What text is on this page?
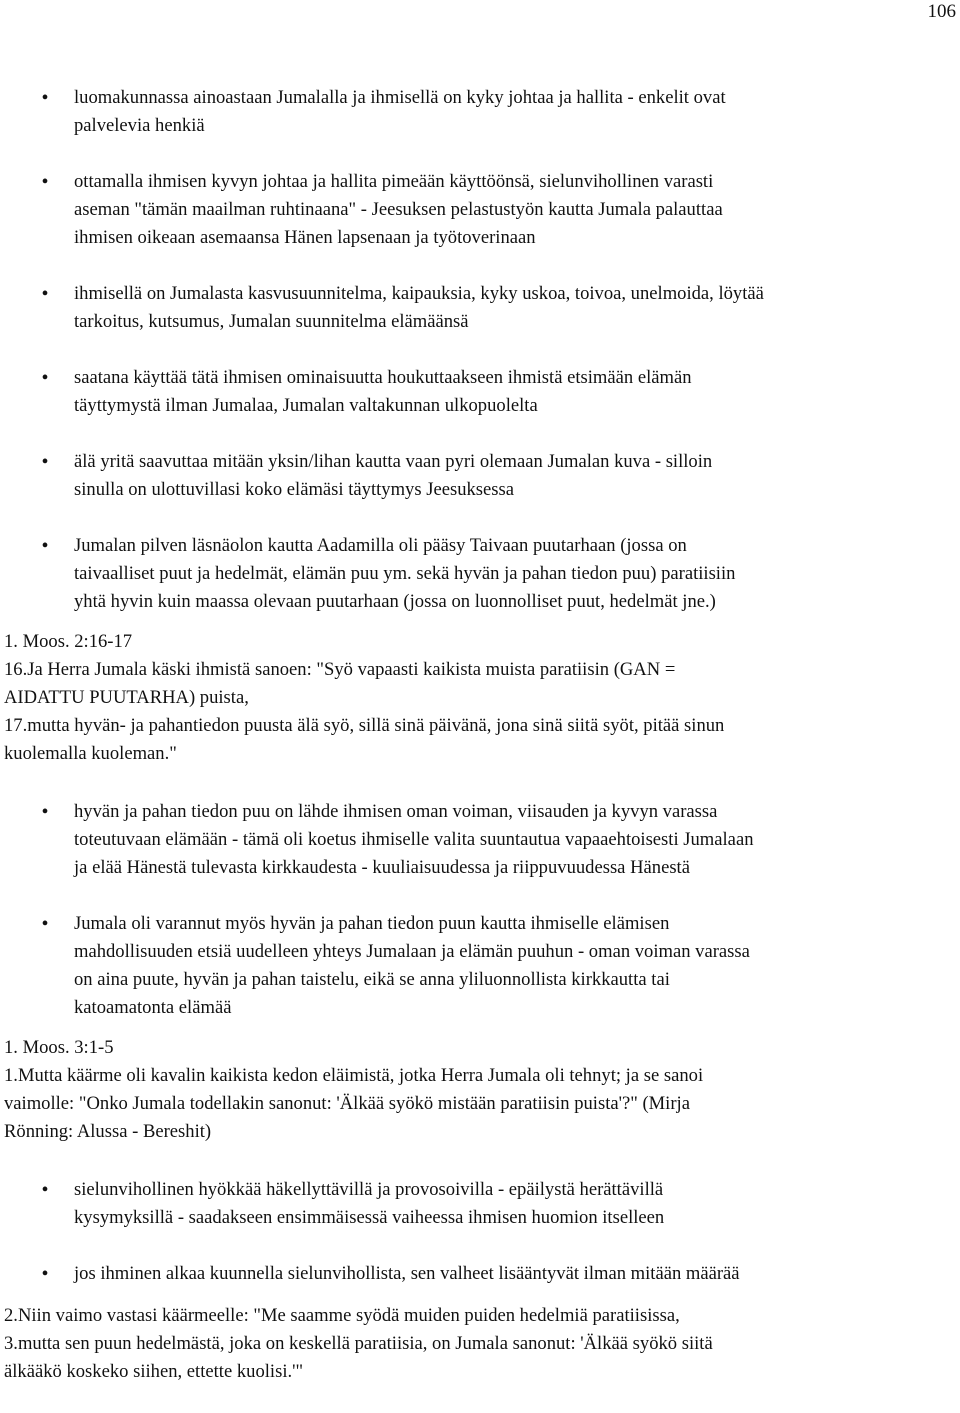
106
• luomakunnassa ainoastaan Jumalalla ja ihmisellä on kyky johtaa ja hallita - enkelit ovat
palvelevia henkiä
• ottamalla ihmisen kyvyn johtaa ja hallita pimeään käyttöönsä, sielunvihollinen varasti
aseman "tämän maailman ruhtinaana" - Jeesuksen pelastustyön kautta Jumala palauttaa
ihmisen oikeaan asemaansa Hänen lapsenaan ja työtoverinaan
• ihmisellä on Jumalasta kasvusuunnitelma, kaipauksia, kyky uskoa, toivoa, unelmoida, löytää
tarkoitus, kutsumus, Jumalan suunnitelma elämäänsä
• saatana käyttää tätä ihmisen ominaisuutta houkuttaakseen ihmistä etsimään elämän
täyttymystä ilman Jumalaa, Jumalan valtakunnan ulkopuolelta
• älä yritä saavuttaa mitään yksin/lihan kautta vaan pyri olemaan Jumalan kuva - silloin
sinulla on ulottuvillasi koko elämäsi täyttymys Jeesuksessa
• Jumalan pilven läsnäolon kautta Aadamilla oli pääsy Taivaan puutarhaan (jossa on
taivaalliset puut ja hedelmät, elämän puu ym. sekä hyvän ja pahan tiedon puu) paratiisiin
yhtä hyvin kuin maassa olevaan puutarhaan (jossa on luonnolliset puut, hedelmät jne.)
1. Moos. 2:16-17
16.Ja Herra Jumala käski ihmistä sanoen: "Syö vapaasti kaikista muista paratiisin (GAN =
AIDATTU PUUTARHA) puista,
17.mutta hyvän- ja pahantiedon puusta älä syö, sillä sinä päivänä, jona sinä siitä syöt, pitää sinun
kuolemalla kuoleman."
• hyvän ja pahan tiedon puu on lähde ihmisen oman voiman, viisauden ja kyvyn varassa
toteutuvaan elämään - tämä oli koetus ihmiselle valita suuntautua vapaaehtoisesti Jumalaan
ja elää Hänestä tulevasta kirkkaudesta - kuuliaisuudessa ja riippuvuudessa Hänestä
• Jumala oli varannut myös hyvän ja pahan tiedon puun kautta ihmiselle elämisen
mahdollisuuden etsiä uudelleen yhteys Jumalaan ja elämän puuhun - oman voiman varassa
on aina puute, hyvän ja pahan taistelu, eikä se anna yliluonnollista kirkkautta tai
katoamatonta elämää
1. Moos. 3:1-5
1.Mutta käärme oli kavalin kaikista kedon eläimistä, jotka Herra Jumala oli tehnyt; ja se sanoi
vaimolle: "Onko Jumala todellakin sanonut: 'Älkää syökö mistään paratiisin puista'?" (Mirja
Rönning: Alussa - Bereshit)
• sielunvihollinen hyökkää häkellyttävillä ja provosoivilla - epäilystä herättävillä
kysymyksillä - saadakseen ensimmäisessä vaiheessa ihmisen huomion itselleen
• jos ihminen alkaa kuunnella sielunvihollista, sen valheet lisääntyvät ilman mitään määrää
2.Niin vaimo vastasi käärmeelle: "Me saamme syödä muiden puiden hedelmiä paratiisissa,
3.mutta sen puun hedelmästä, joka on keskellä paratiisia, on Jumala sanonut: 'Älkää syökö siitä
älkääkö koskeko siihen, ettette kuolisi.'"
